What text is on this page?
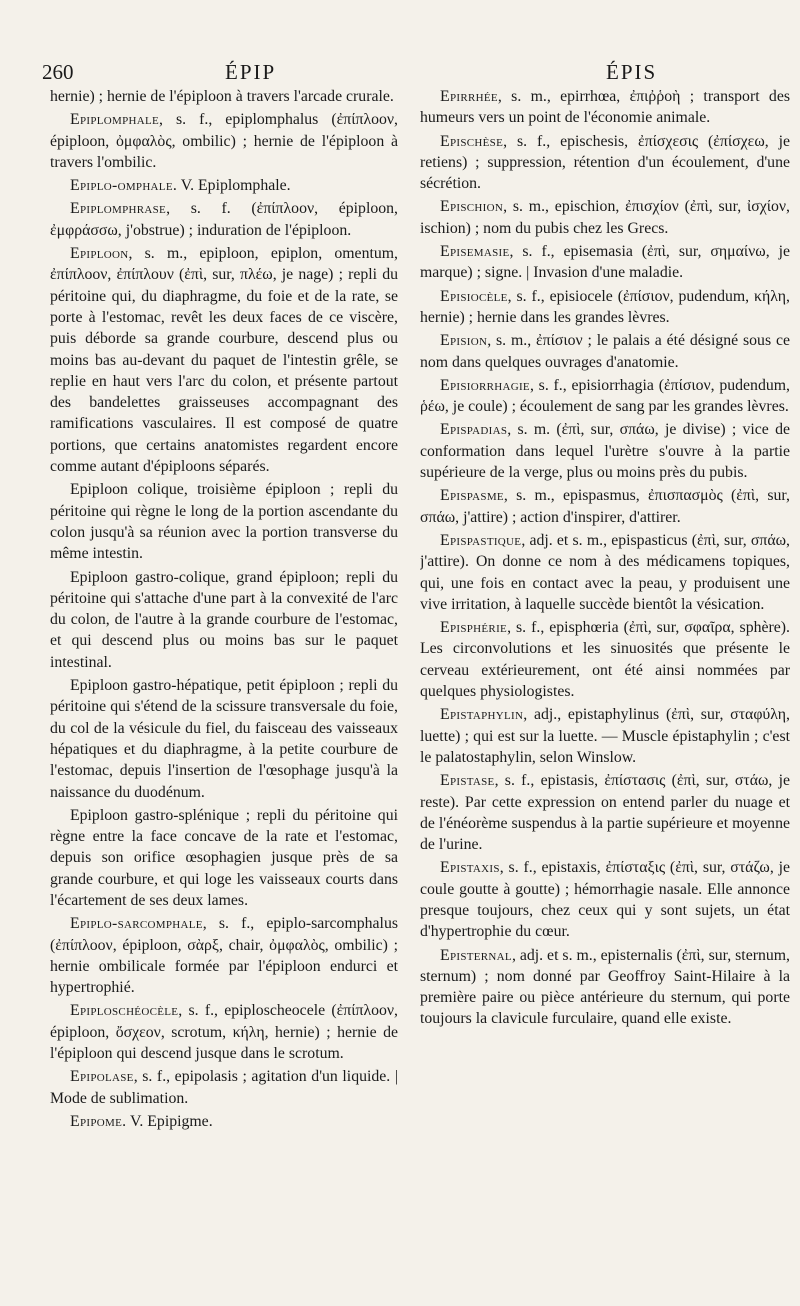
260	ÉPIP	ÉPIS

hernie) ; hernie de l'épiploon à travers l'arcade crurale.

Epiplomphale, s. f., epiplomphalus (ἐπίπλοον, épiploon, ὀμφαλὸς, ombilic) ; hernie de l'épiploon à travers l'ombilic.

Epiplo-omphale. V. Epiplomphale.

Epiplomphrase, s. f. (ἐπίπλοον, épiploon, ἐμφράσσω, j'obstrue) ; induration de l'épiploon.

Epiploon, s. m., epiploon, epiplon, omentum, ἐπίπλοον, ἐπίπλουν (ἐπὶ, sur, πλέω, je nage) ; repli du péritoine qui, du diaphragme, du foie et de la rate, se porte à l'estomac, revêt les deux faces de ce viscère, puis déborde sa grande courbure, descend plus ou moins bas au-devant du paquet de l'intestin grêle, se replie en haut vers l'arc du colon, et présente partout des bandelettes graisseuses accompagnant des ramifications vasculaires. Il est composé de quatre portions, que certains anatomistes regardent encore comme autant d'épiploons séparés.

Epiploon colique, troisième épiploon ; repli du péritoine qui règne le long de la portion ascendante du colon jusqu'à sa réunion avec la portion transverse du même intestin.

Epiploon gastro-colique, grand épiploon; repli du péritoine qui s'attache d'une part à la convexité de l'arc du colon, de l'autre à la grande courbure de l'estomac, et qui descend plus ou moins bas sur le paquet intestinal.

Epiploon gastro-hépatique, petit épiploon ; repli du péritoine qui s'étend de la scissure transversale du foie, du col de la vésicule du fiel, du faisceau des vaisseaux hépatiques et du diaphragme, à la petite courbure de l'estomac, depuis l'insertion de l'œsophage jusqu'à la naissance du duodénum.

Epiploon gastro-splénique ; repli du péritoine qui règne entre la face concave de la rate et l'estomac, depuis son orifice œsophagien jusque près de sa grande courbure, et qui loge les vaisseaux courts dans l'écartement de ses deux lames.

Epiplo-sarcomphale, s. f., epiplo-sarcomphalus (ἐπίπλοον, épiploon, σὰρξ, chair, ὀμφαλὸς, ombilic) ; hernie ombilicale formée par l'épiploon endurci et hypertrophié.

Epiploschéocèle, s. f., epiploscheocele (ἐπίπλοον, épiploon, ὄσχεον, scrotum, κήλη, hernie) ; hernie de l'épiploon qui descend jusque dans le scrotum.

Epipolase, s. f., epipolasis ; agitation d'un liquide. | Mode de sublimation.

Epipome. V. Epipigme.

Epirrhée, s. m., epirrhœa, ἐπιῤῥοὴ ; transport des humeurs vers un point de l'économie animale.

Epischèse, s. f., epischesis, ἐπίσχεσις (ἐπίσχεω, je retiens) ; suppression, rétention d'un écoulement, d'une sécrétion.

Epischion, s. m., epischion, ἐπισχίον (ἐπὶ, sur, ἰσχίον, ischion) ; nom du pubis chez les Grecs.

Episemasie, s. f., episemasia (ἐπὶ, sur, σημαίνω, je marque) ; signe. | Invasion d'une maladie.

Episiocèle, s. f., episiocele (ἐπίσιον, pudendum, κήλη, hernie) ; hernie dans les grandes lèvres.

Epision, s. m., ἐπίσιον ; le palais a été désigné sous ce nom dans quelques ouvrages d'anatomie.

Episiorrhagie, s. f., episiorrhagia (ἐπίσιον, pudendum, ῥέω, je coule) ; écoulement de sang par les grandes lèvres.

Epispadias, s. m. (ἐπὶ, sur, σπάω, je divise) ; vice de conformation dans lequel l'urètre s'ouvre à la partie supérieure de la verge, plus ou moins près du pubis.

Epispasme, s. m., epispasmus, ἐπισπασμὸς (ἐπὶ, sur, σπάω, j'attire) ; action d'inspirer, d'attirer.

Epispastique, adj. et s. m., epispasticus (ἐπὶ, sur, σπάω, j'attire). On donne ce nom à des médicamens topiques, qui, une fois en contact avec la peau, y produisent une vive irritation, à laquelle succède bientôt la vésication.

Episphérie, s. f., episphœria (ἐπὶ, sur, σφαῖρα, sphère). Les circonvolutions et les sinuosités que présente le cerveau extérieurement, ont été ainsi nommées par quelques physiologistes.

Epistaphylin, adj., epistaphylinus (ἐπὶ, sur, σταφύλη, luette) ; qui est sur la luette. — Muscle épistaphylin ; c'est le palatostaphylin, selon Winslow.

Epistase, s. f., epistasis, ἐπίστασις (ἐπὶ, sur, στάω, je reste). Par cette expression on entend parler du nuage et de l'énéorème suspendus à la partie supérieure et moyenne de l'urine.

Epistaxis, s. f., epistaxis, ἐπίσταξις (ἐπὶ, sur, στάζω, je coule goutte à goutte) ; hémorrhagie nasale. Elle annonce presque toujours, chez ceux qui y sont sujets, un état d'hypertrophie du cœur.

Episternal, adj. et s. m., episternalis (ἐπὶ, sur, sternum, sternum) ; nom donné par Geoffroy Saint-Hilaire à la première paire ou pièce antérieure du sternum, qui porte toujours la clavicule furculaire, quand elle existe.
